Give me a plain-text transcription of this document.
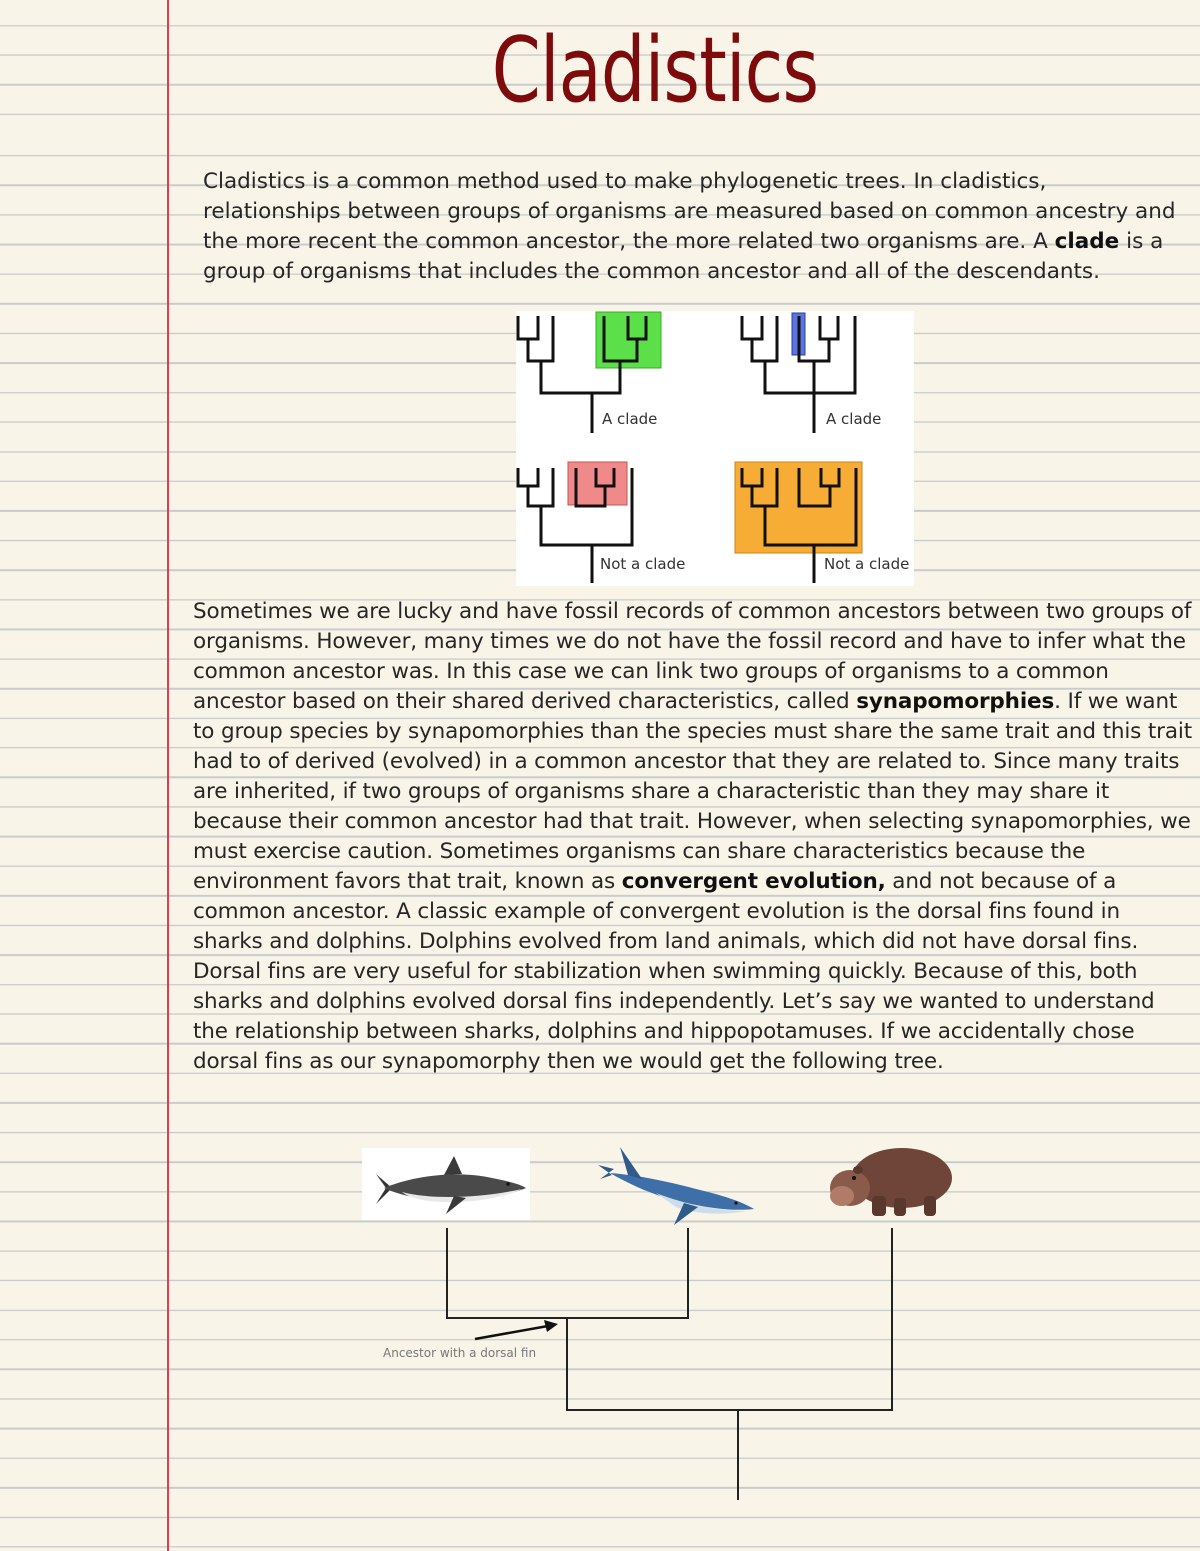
Cladistics

Cladistics is a common method used to make phylogenetic trees. In cladistics, relationships between groups of organisms are measured based on common ancestry and the more recent the common ancestor, the more related two organisms are. A clade is a group of organisms that includes the common ancestor and all of the descendants.

A clade	A clade
Not a clade	Not a clade

Sometimes we are lucky and have fossil records of common ancestors between two groups of organisms. However, many times we do not have the fossil record and have to infer what the common ancestor was. In this case we can link two groups of organisms to a common ancestor based on their shared derived characteristics, called synapomorphies. If we want to group species by synapomorphies than the species must share the same trait and this trait had to of derived (evolved) in a common ancestor that they are related to. Since many traits are inherited, if two groups of organisms share a characteristic than they may share it because their common ancestor had that trait. However, when selecting synapomorphies, we must exercise caution. Sometimes organisms can share characteristics because the environment favors that trait, known as convergent evolution, and not because of a common ancestor. A classic example of convergent evolution is the dorsal fins found in sharks and dolphins. Dolphins evolved from land animals, which did not have dorsal fins. Dorsal fins are very useful for stabilization when swimming quickly. Because of this, both sharks and dolphins evolved dorsal fins independently. Let’s say we wanted to understand the relationship between sharks, dolphins and hippopotamuses. If we accidentally chose dorsal fins as our synapomorphy then we would get the following tree.

Ancestor with a dorsal fin
